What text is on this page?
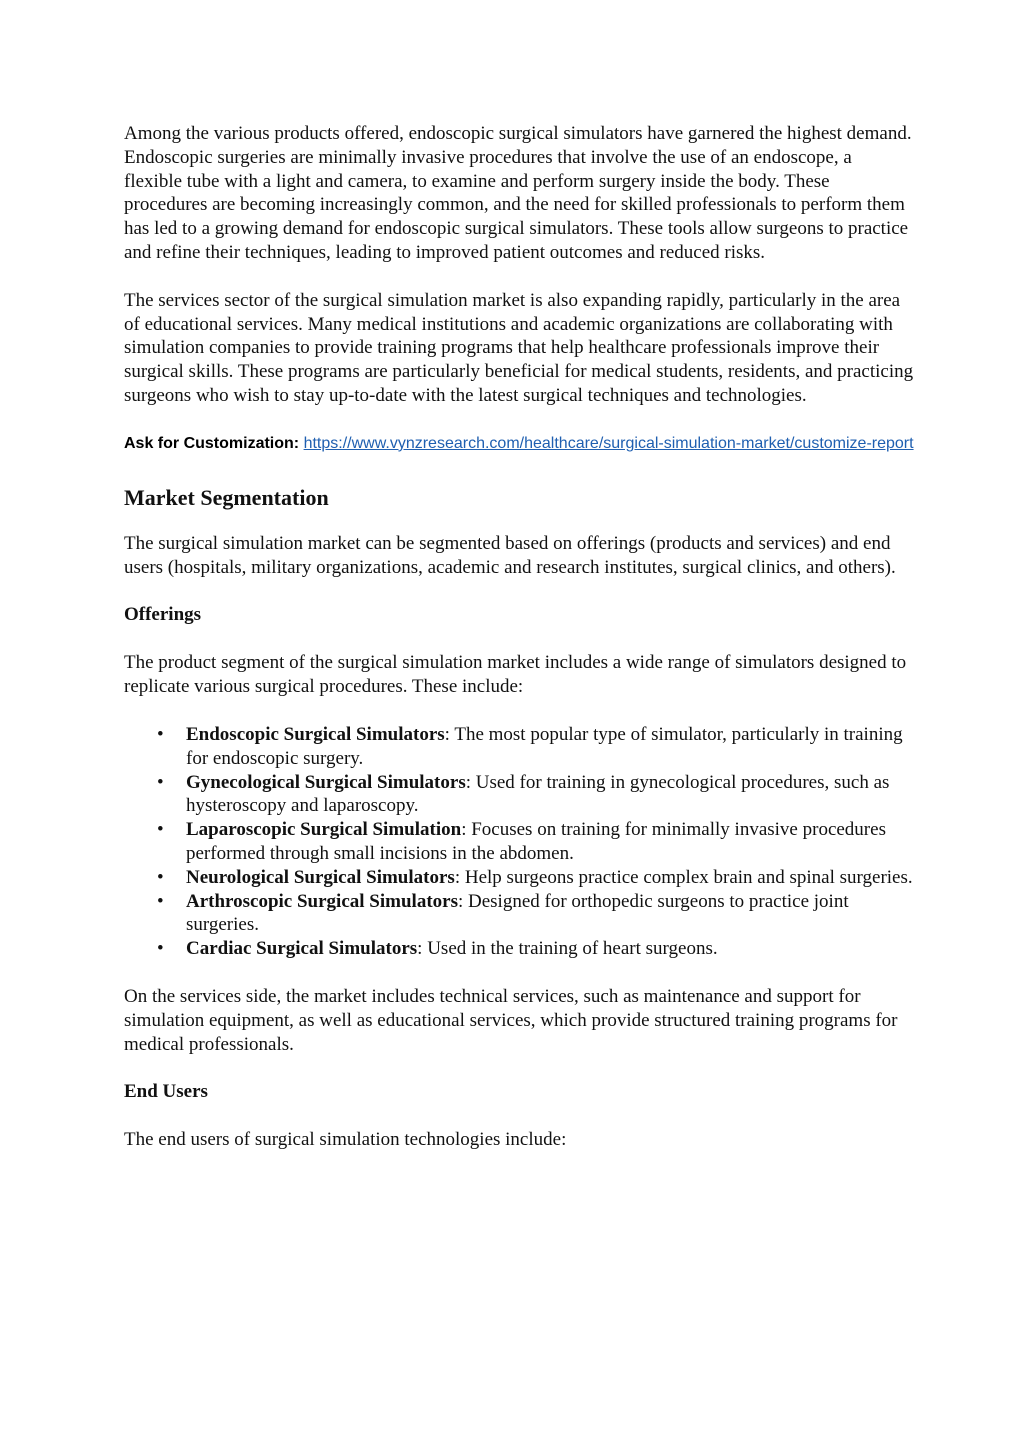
Among the various products offered, endoscopic surgical simulators have garnered the highest demand. Endoscopic surgeries are minimally invasive procedures that involve the use of an endoscope, a flexible tube with a light and camera, to examine and perform surgery inside the body. These procedures are becoming increasingly common, and the need for skilled professionals to perform them has led to a growing demand for endoscopic surgical simulators. These tools allow surgeons to practice and refine their techniques, leading to improved patient outcomes and reduced risks.

The services sector of the surgical simulation market is also expanding rapidly, particularly in the area of educational services. Many medical institutions and academic organizations are collaborating with simulation companies to provide training programs that help healthcare professionals improve their surgical skills. These programs are particularly beneficial for medical students, residents, and practicing surgeons who wish to stay up-to-date with the latest surgical techniques and technologies.

Ask for Customization: https://www.vynzresearch.com/healthcare/surgical-simulation-market/customize-report
Market Segmentation

The surgical simulation market can be segmented based on offerings (products and services) and end users (hospitals, military organizations, academic and research institutes, surgical clinics, and others).

Offerings

The product segment of the surgical simulation market includes a wide range of simulators designed to replicate various surgical procedures. These include:

• Endoscopic Surgical Simulators: The most popular type of simulator, particularly in training for endoscopic surgery.
• Gynecological Surgical Simulators: Used for training in gynecological procedures, such as hysteroscopy and laparoscopy.
• Laparoscopic Surgical Simulation: Focuses on training for minimally invasive procedures performed through small incisions in the abdomen.
• Neurological Surgical Simulators: Help surgeons practice complex brain and spinal surgeries.
• Arthroscopic Surgical Simulators: Designed for orthopedic surgeons to practice joint surgeries.
• Cardiac Surgical Simulators: Used in the training of heart surgeons.

On the services side, the market includes technical services, such as maintenance and support for simulation equipment, as well as educational services, which provide structured training programs for medical professionals.

End Users

The end users of surgical simulation technologies include:
